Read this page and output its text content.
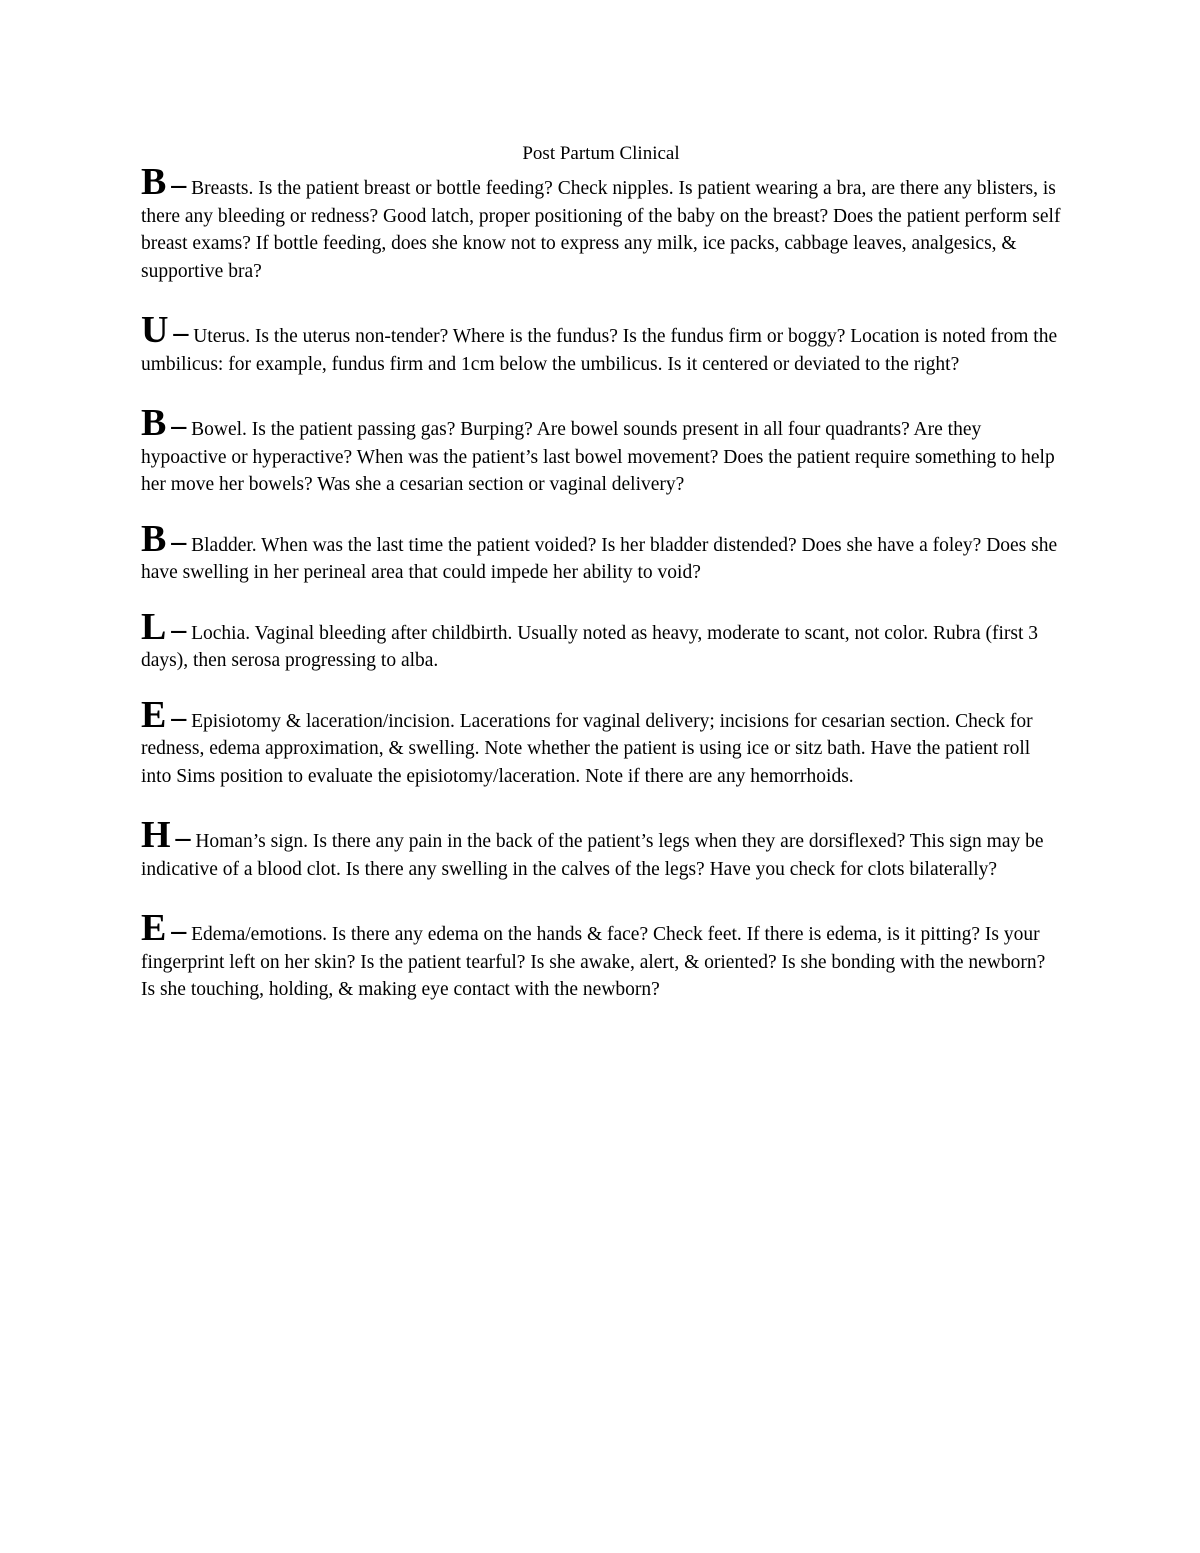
Post Partum Clinical

B – Breasts. Is the patient breast or bottle feeding? Check nipples. Is patient wearing a bra, are there any blisters, is there any bleeding or redness? Good latch, proper positioning of the baby on the breast? Does the patient perform self breast exams? If bottle feeding, does she know not to express any milk, ice packs, cabbage leaves, analgesics, & supportive bra?

U – Uterus. Is the uterus non-tender? Where is the fundus? Is the fundus firm or boggy? Location is noted from the umbilicus: for example, fundus firm and 1cm below the umbilicus. Is it centered or deviated to the right?

B – Bowel. Is the patient passing gas? Burping? Are bowel sounds present in all four quadrants? Are they hypoactive or hyperactive? When was the patient’s last bowel movement? Does the patient require something to help her move her bowels? Was she a cesarian section or vaginal delivery?

B – Bladder. When was the last time the patient voided? Is her bladder distended? Does she have a foley? Does she have swelling in her perineal area that could impede her ability to void?

L – Lochia. Vaginal bleeding after childbirth. Usually noted as heavy, moderate to scant, not color. Rubra (first 3 days), then serosa progressing to alba.

E – Episiotomy & laceration/incision. Lacerations for vaginal delivery; incisions for cesarian section. Check for redness, edema approximation, & swelling. Note whether the patient is using ice or sitz bath. Have the patient roll into Sims position to evaluate the episiotomy/laceration. Note if there are any hemorrhoids.

H – Homan’s sign. Is there any pain in the back of the patient’s legs when they are dorsiflexed? This sign may be indicative of a blood clot. Is there any swelling in the calves of the legs? Have you check for clots bilaterally?

E – Edema/emotions. Is there any edema on the hands & face? Check feet. If there is edema, is it pitting? Is your fingerprint left on her skin? Is the patient tearful? Is she awake, alert, & oriented? Is she bonding with the newborn? Is she touching, holding, & making eye contact with the newborn?
